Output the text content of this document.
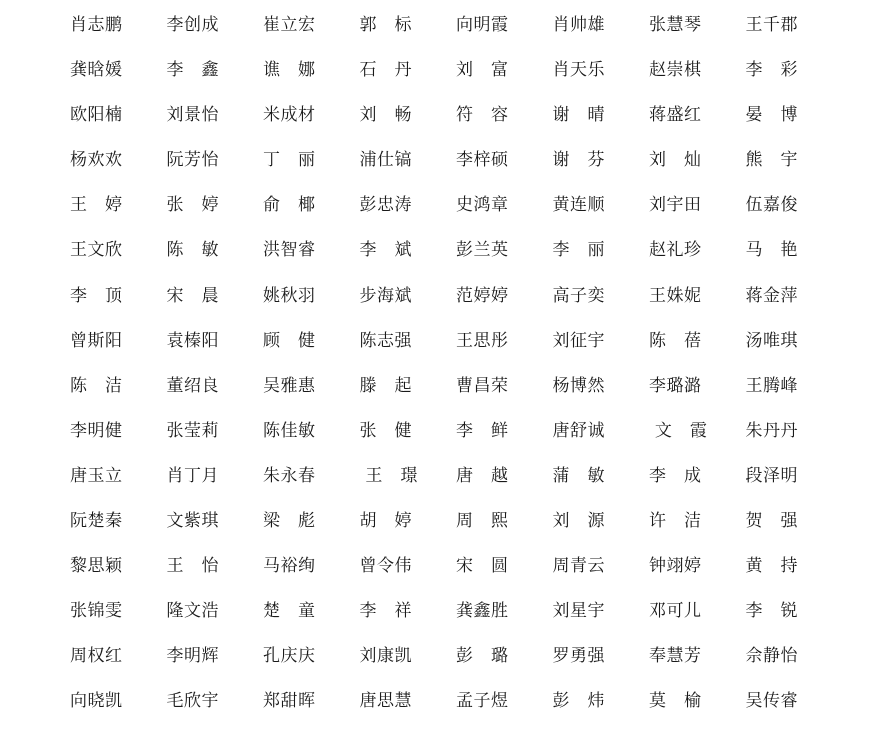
肖志鹏	李创成	崔立宏	郭　标	向明霞	肖帅雄	张慧琴	王千郡
龚晗媛	李　鑫	谯　娜	石　丹	刘　富	肖天乐	赵崇棋	李　彩
欧阳楠	刘景怡	米成材	刘　畅	符　容	谢　晴	蒋盛红	晏　博
杨欢欢	阮芳怡	丁　丽	浦仕镐	李梓硕	谢　芬	刘　灿	熊　宇
王　婷	张　婷	俞　椰	彭忠涛	史鸿章	黄连顺	刘宇田	伍嘉俊
王文欣	陈　敏	洪智睿	李　斌	彭兰英	李　丽	赵礼珍	马　艳
李　顶	宋　晨	姚秋羽	步海斌	范婷婷	高子奕	王姝妮	蒋金萍
曾斯阳	袁榛阳	顾　健	陈志强	王思彤	刘征宇	陈　蓓	汤唯琪
陈　洁	董绍良	吴雅惠	滕　起	曹昌荣	杨博然	李璐潞	王腾峰
李明健	张莹莉	陈佳敏	张　健	李　鲜	唐舒诚	文　霞	朱丹丹
唐玉立	肖丁月	朱永春	王　璟	唐　越	蒲　敏	李　成	段泽明
阮楚秦	文紫琪	梁　彪	胡　婷	周　熙	刘　源	许　洁	贺　强
黎思颖	王　怡	马裕绚	曾令伟	宋　圆	周青云	钟翊婷	黄　持
张锦雯	隆文浩	楚　童	李　祥	龚鑫胜	刘星宇	邓可儿	李　锐
周权红	李明辉	孔庆庆	刘康凯	彭　璐	罗勇强	奉慧芳	佘静怡
向晓凯	毛欣宇	郑甜晖	唐思慧	孟子煜	彭　炜	莫　榆	吴传睿
